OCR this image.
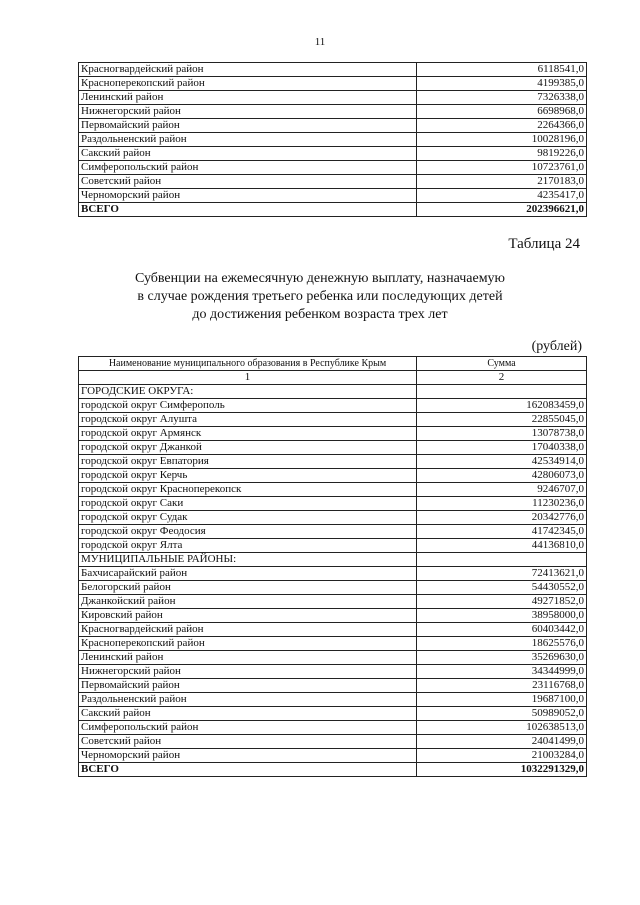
11
Красногвардейский район	6118541,0
Красноперекопский район	4199385,0
Ленинский район	7326338,0
Нижнегорский район	6698968,0
Первомайский район	2264366,0
Раздольненский район	10028196,0
Сакский район	9819226,0
Симферопольский район	10723761,0
Советский район	2170183,0
Черноморский район	4235417,0
ВСЕГО	202396621,0
Таблица 24
Субвенции на ежемесячную денежную выплату, назначаемую
в случае рождения третьего ребенка или последующих детей
до достижения ребенком возраста трех лет
(рублей)
Наименование муниципального образования в Республике Крым	Сумма
1	2
ГОРОДСКИЕ ОКРУГА:	
городской округ Симферополь	162083459,0
городской округ Алушта	22855045,0
городской округ Армянск	13078738,0
городской округ Джанкой	17040338,0
городской округ Евпатория	42534914,0
городской округ Керчь	42806073,0
городской округ Красноперекопск	9246707,0
городской округ Саки	11230236,0
городской округ Судак	20342776,0
городской округ Феодосия	41742345,0
городской округ Ялта	44136810,0
МУНИЦИПАЛЬНЫЕ РАЙОНЫ:	
Бахчисарайский район	72413621,0
Белогорский район	54430552,0
Джанкойский район	49271852,0
Кировский район	38958000,0
Красногвардейский район	60403442,0
Красноперекопский район	18625576,0
Ленинский район	35269630,0
Нижнегорский район	34344999,0
Первомайский район	23116768,0
Раздольненский район	19687100,0
Сакский район	50989052,0
Симферопольский район	102638513,0
Советский район	24041499,0
Черноморский район	21003284,0
ВСЕГО	1032291329,0
